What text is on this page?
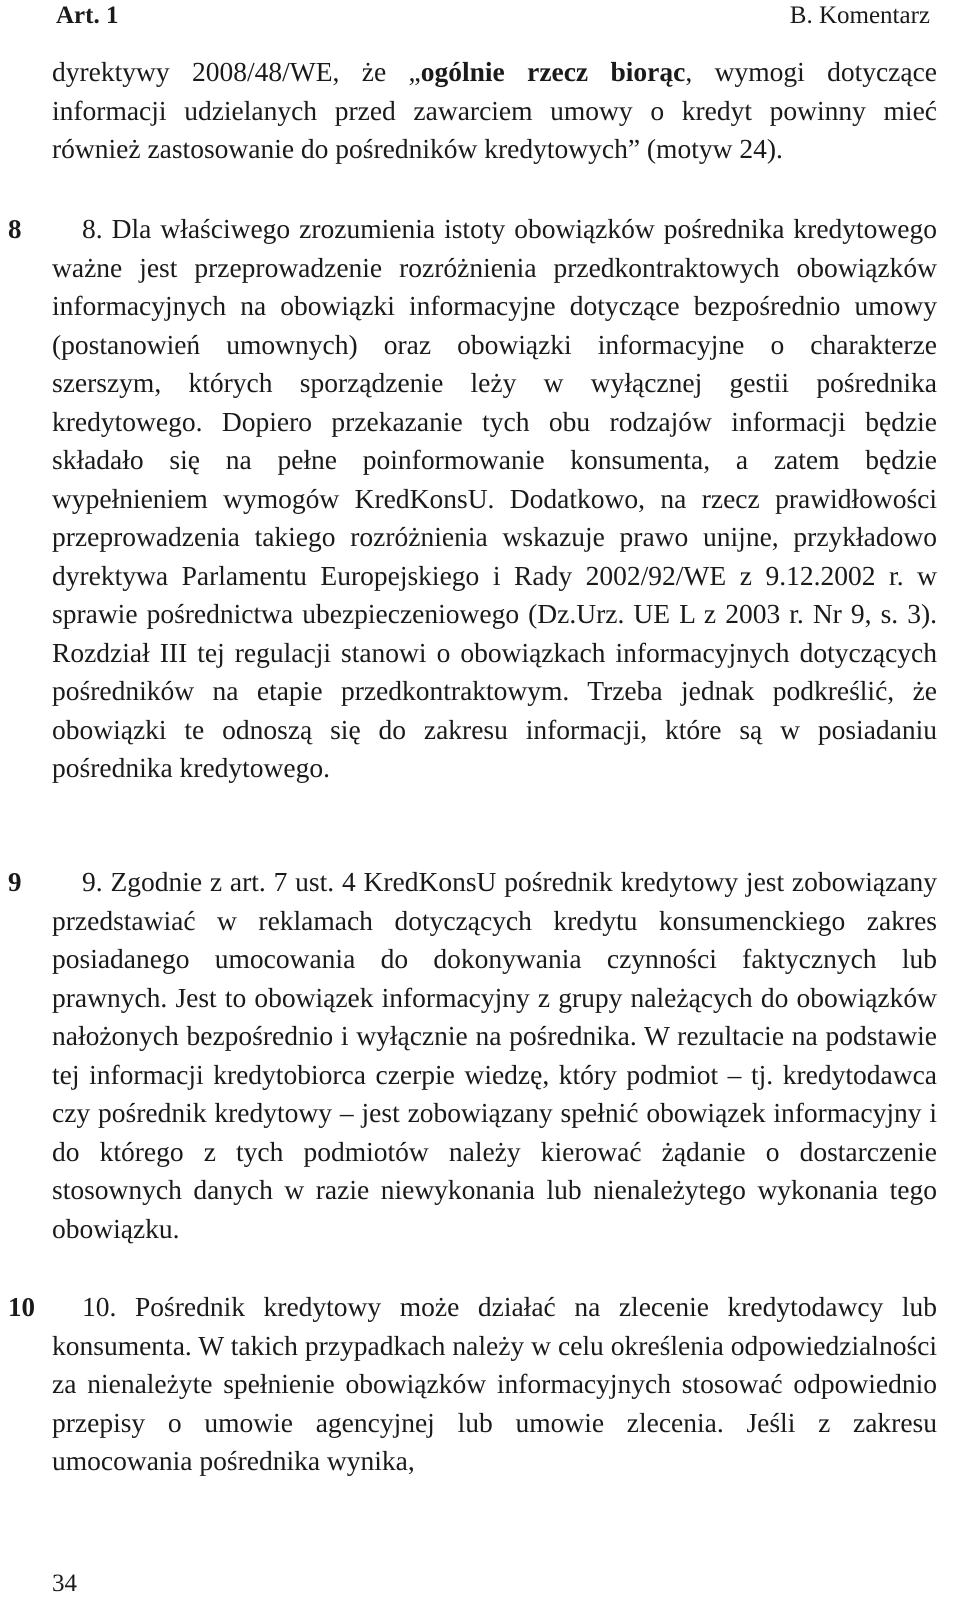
Art. 1	B. Komentarz

dyrektywy 2008/48/WE, że „ogólnie rzecz biorąc, wymogi dotyczące informacji udzielanych przed zawarciem umowy o kredyt powinny mieć również zastosowanie do pośredników kredytowych” (motyw 24).

8	8. Dla właściwego zrozumienia istoty obowiązków pośrednika kredytowego ważne jest przeprowadzenie rozróżnienia przedkontraktowych obowiązków informacyjnych na obowiązki informacyjne dotyczące bezpośrednio umowy (postanowień umownych) oraz obowiązki informacyjne o charakterze szerszym, których sporządzenie leży w wyłącznej gestii pośrednika kredytowego. Dopiero przekazanie tych obu rodzajów informacji będzie składało się na pełne poinformowanie konsumenta, a zatem będzie wypełnieniem wymogów KredKonsU. Dodatkowo, na rzecz prawidłowości przeprowadzenia takiego rozróżnienia wskazuje prawo unijne, przykładowo dyrektywa Parlamentu Europejskiego i Rady 2002/92/WE z 9.12.2002 r. w sprawie pośrednictwa ubezpieczeniowego (Dz.Urz. UE L z 2003 r. Nr 9, s. 3). Rozdział III tej regulacji stanowi o obowiązkach informacyjnych dotyczących pośredników na etapie przedkontraktowym. Trzeba jednak podkreślić, że obowiązki te odnoszą się do zakresu informacji, które są w posiadaniu pośrednika kredytowego.

9	9. Zgodnie z art. 7 ust. 4 KredKonsU pośrednik kredytowy jest zobowiązany przedstawiać w reklamach dotyczących kredytu konsumenckiego zakres posiadanego umocowania do dokonywania czynności faktycznych lub prawnych. Jest to obowiązek informacyjny z grupy należących do obowiązków nałożonych bezpośrednio i wyłącznie na pośrednika. W rezultacie na podstawie tej informacji kredytobiorca czerpie wiedzę, który podmiot – tj. kredytodawca czy pośrednik kredytowy – jest zobowiązany spełnić obowiązek informacyjny i do którego z tych podmiotów należy kierować żądanie o dostarczenie stosownych danych w razie niewykonania lub nienależytego wykonania tego obowiązku.

10	10. Pośrednik kredytowy może działać na zlecenie kredytodawcy lub konsumenta. W takich przypadkach należy w celu określenia odpowiedzialności za nienależyte spełnienie obowiązków informacyjnych stosować odpowiednio przepisy o umowie agencyjnej lub umowie zlecenia. Jeśli z zakresu umocowania pośrednika wynika,

34
